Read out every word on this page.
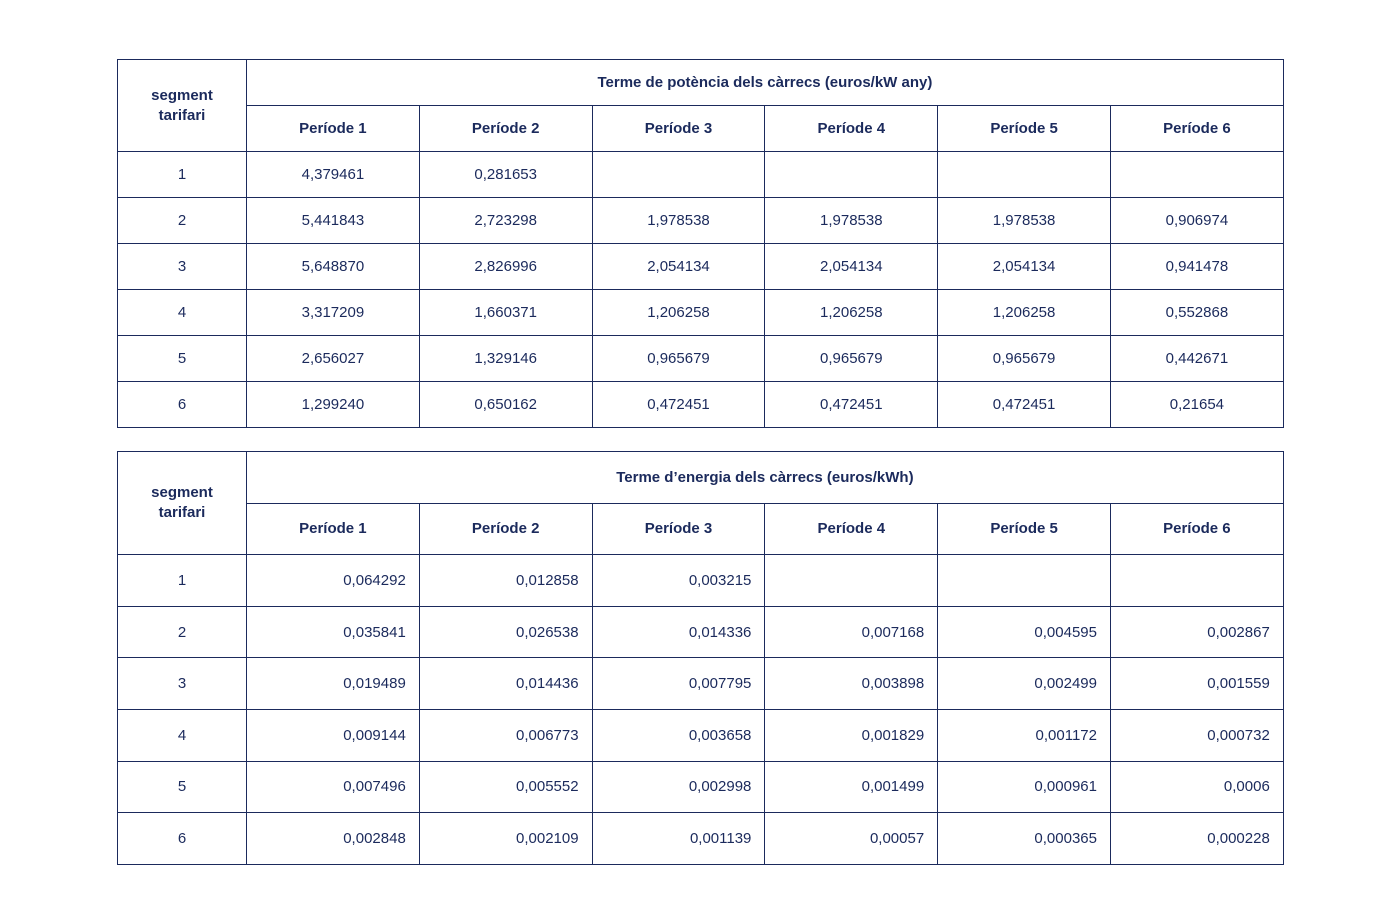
segment
tarifari	Terme de potència dels càrrecs (euros/kW any)					
	Període 1	Període 2	Període 3	Període 4	Període 5	Període 6
1	4,379461	0,281653				
2	5,441843	2,723298	1,978538	1,978538	1,978538	0,906974
3	5,648870	2,826996	2,054134	2,054134	2,054134	0,941478
4	3,317209	1,660371	1,206258	1,206258	1,206258	0,552868
5	2,656027	1,329146	0,965679	0,965679	0,965679	0,442671
6	1,299240	0,650162	0,472451	0,472451	0,472451	0,21654
segment
tarifari	Terme d’energia dels càrrecs (euros/kWh)					
	Període 1	Període 2	Període 3	Període 4	Període 5	Període 6
1	0,064292	0,012858	0,003215			
2	0,035841	0,026538	0,014336	0,007168	0,004595	0,002867
3	0,019489	0,014436	0,007795	0,003898	0,002499	0,001559
4	0,009144	0,006773	0,003658	0,001829	0,001172	0,000732
5	0,007496	0,005552	0,002998	0,001499	0,000961	0,0006
6	0,002848	0,002109	0,001139	0,00057	0,000365	0,000228
